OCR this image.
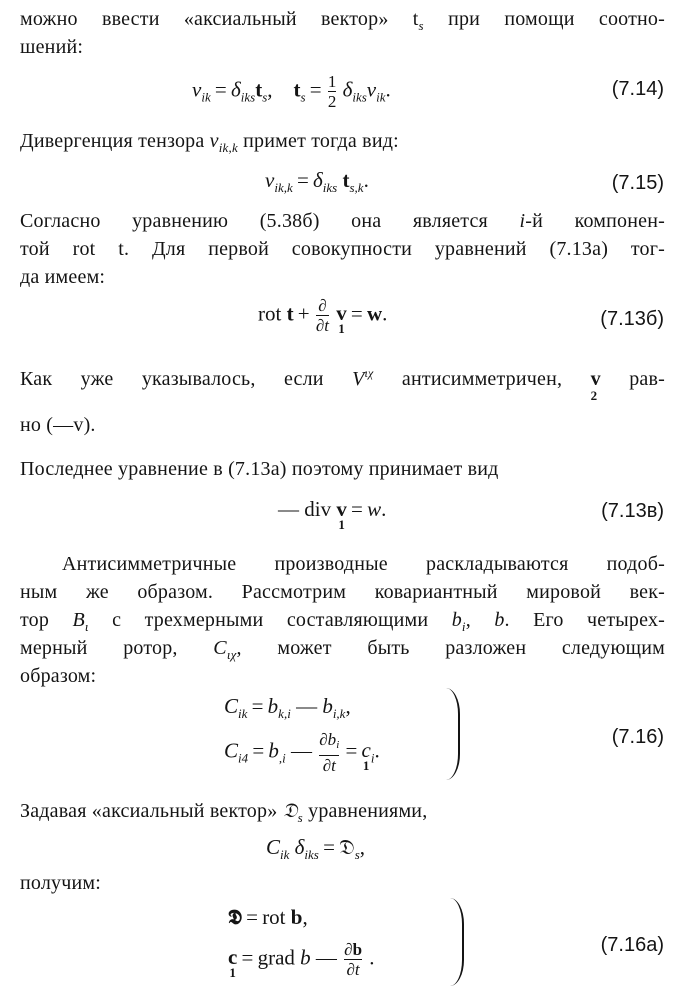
можно ввести «аксиальный вектор» $t_s$ при помощи соотно-
шений:
$v_{ik} = \delta_{iks}t_s$,    $t_s = \frac{1}{2}$
  $\delta_{iks}v_{ik}$.	(7.14)
Дивергенция тензора $v_{ik,k}$ примет тогда вид:
$v_{ik,k} = \delta_{iks}$ $t_{s,k}$.	(7.15)
Согласно уравнению (5.38б) она является i-й компонен-
той rot t. Для первой совокупности уравнений (7.13а) тог-
да имеем:
rot $t + \frac{\partial}{\partial t}$ v
1
 = w.	(7.13б)
Как уже указывалось, если $V^{\iota\chi}$ антисимметричен, v
2
рав-
но (—v).
Последнее уравнение в (7.13а) поэтому принимает вид
— div v
1
 = w.	(7.13в)
Антисимметричные производные раскладываются подоб-
ным же образом. Рассмотрим ковариантный мировой век-
тор $B_\iota$ с трехмерными составляющими $b_i$, b. Его четырех-
мерный ротор, $C_{\iota\chi}$, может быть разложен следующим
образом:
$C_{ik} = b_{k,i}$ — $b_{i,k}$,
$C_{i4} = b_{,i}$ — $\frac{\partial b_i}{\partial t} = c$
1
$_i$.
(7.16)
Задавая «аксиальный вектор» 𝔇$_s$ уравнениями,
$C_{ik}$ $\delta_{iks}$ = 𝔇$_s$,
получим:
𝕯 = rot b,
c
1
 = grad b — $\frac{\partial b}{\partial t}$ .
(7.16а)
